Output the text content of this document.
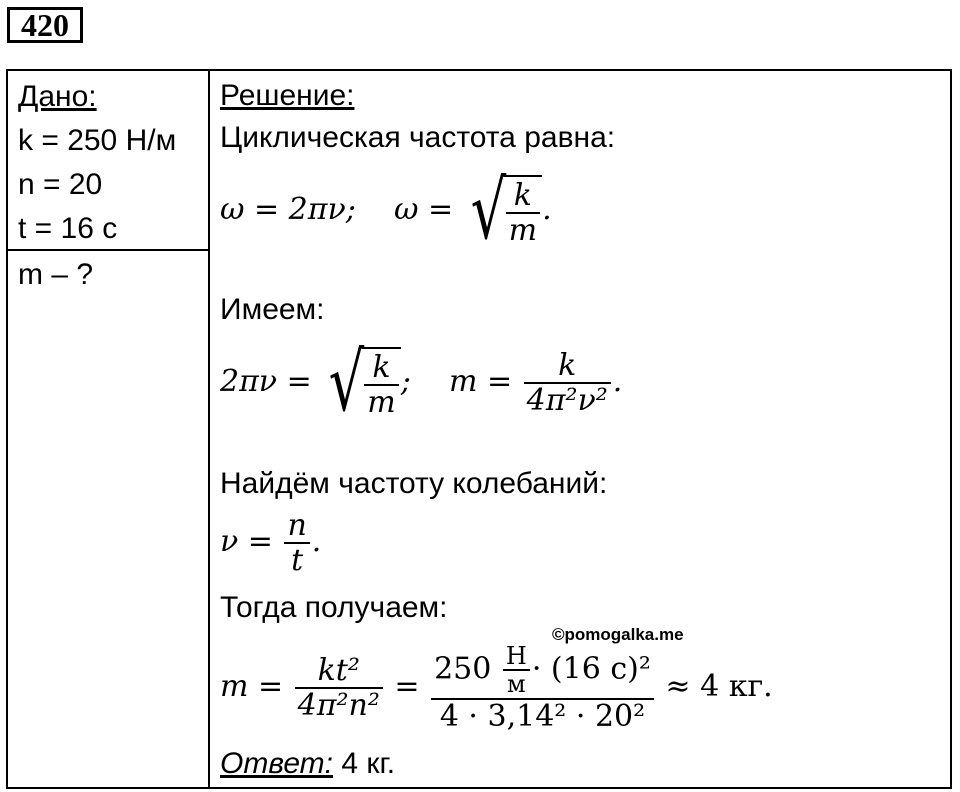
420
Дано:
k = 250 Н/м
n = 20
t = 16 с
m – ?
Решение:
Циклическая частота равна:
ω = 2πν; ω = √ $\frac{k}{m}$ .
Имеем:
2πν = √ $\frac{k}{m}$ ; $m = \frac{k}{\text{4π²ν²}}$ .
Найдём частоту колебаний:
$\nu = \frac{n}{t}$ .
Тогда получаем:
$m = \frac{\text{kt²}}{\text{4π²n²}} = \frac{250 \frac{Н}{м} \cdot (16 с)^2}{\text{4 · 3,14² · 20²}} \approx 4$ кг.
Ответ: 4 кг.
©pomogalka.me
